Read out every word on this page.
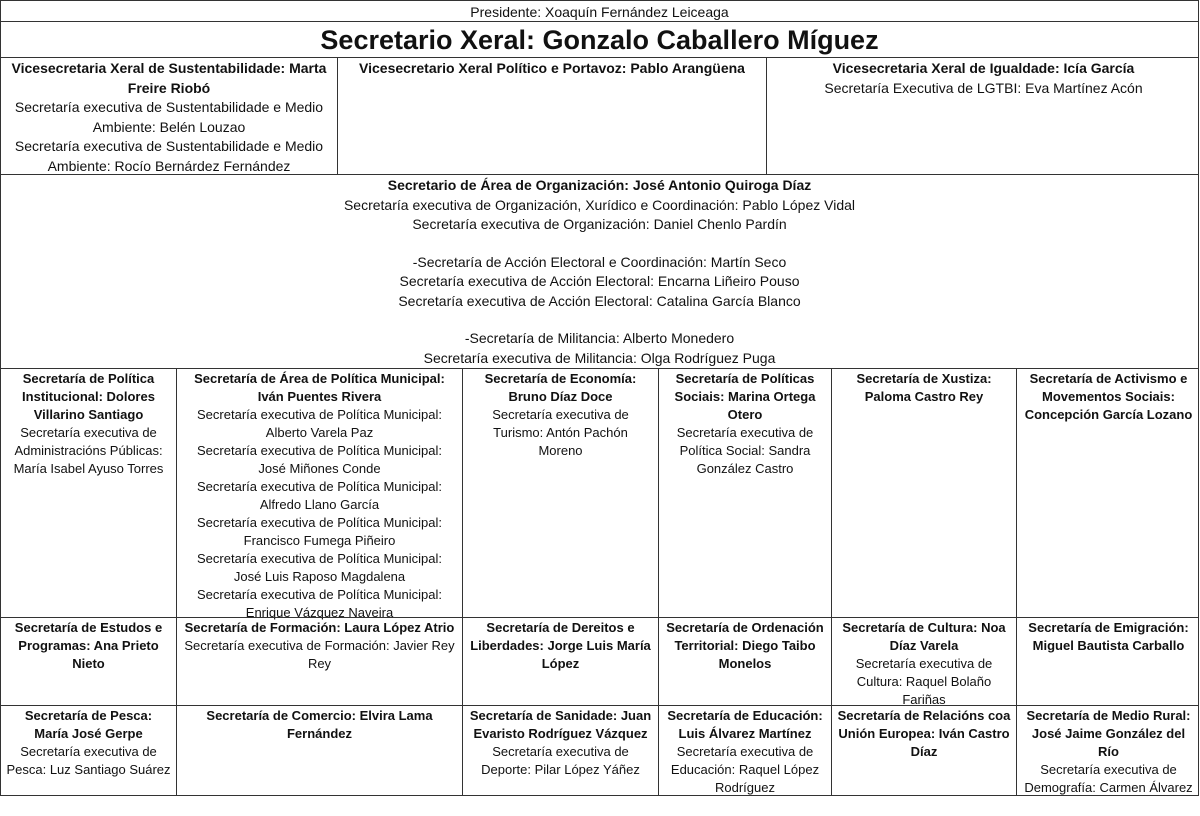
Presidente: Xoaquín Fernández Leiceaga
Secretario Xeral: Gonzalo Caballero Míguez
Vicesecretaria Xeral de Sustentabilidade: Marta Freire Riobó
Secretaría executiva de Sustentabilidade e Medio Ambiente: Belén Louzao
Secretaría executiva de Sustentabilidade e Medio Ambiente: Rocío Bernárdez Fernández
Vicesecretario Xeral Político e Portavoz: Pablo Arangüena	Vicesecretaria Xeral de Igualdade: Icía García
Secretaría Executiva de LGTBI: Eva Martínez Acón
Secretario de Área de Organización: José Antonio Quiroga Díaz
Secretaría executiva de Organización, Xurídico e Coordinación: Pablo López Vidal
Secretaría executiva de Organización: Daniel Chenlo Pardín
-Secretaría de Acción Electoral e Coordinación: Martín Seco
Secretaría executiva de Acción Electoral: Encarna Liñeiro Pouso
Secretaría executiva de Acción Electoral: Catalina García Blanco
-Secretaría de Militancia: Alberto Monedero
Secretaría executiva de Militancia: Olga Rodríguez Puga
Secretaría de Política
Institucional: Dolores
Villarino Santiago
Secretaría executiva de
Administracións Públicas:
María Isabel Ayuso Torres
Secretaría de Área de Política Municipal:
Iván Puentes Rivera
Secretaría executiva de Política Municipal:
Alberto Varela Paz
Secretaría executiva de Política Municipal:
José Miñones Conde
Secretaría executiva de Política Municipal:
Alfredo Llano García
Secretaría executiva de Política Municipal:
Francisco Fumega Piñeiro
Secretaría executiva de Política Municipal:
José Luis Raposo Magdalena
Secretaría executiva de Política Municipal:
Enrique Vázquez Naveira
Secretaría de Economía:
Bruno Díaz Doce
Secretaría executiva de
Turismo: Antón Pachón
Moreno
Secretaría de Políticas
Sociais: Marina Ortega
Otero
Secretaría executiva de
Política Social: Sandra
González Castro
Secretaría de Xustiza:
Paloma Castro Rey
Secretaría de Activismo e
Movementos Sociais:
Concepción García Lozano
Secretaría de Estudos e
Programas: Ana Prieto
Nieto
Secretaría de Formación: Laura López Atrio
Secretaría executiva de Formación: Javier Rey
Rey
Secretaría de Dereitos e
Liberdades: Jorge Luis María
López
Secretaría de Ordenación
Territorial: Diego Taibo
Monelos
Secretaría de Cultura: Noa
Díaz Varela
Secretaría executiva de
Cultura: Raquel Bolaño
Fariñas
Secretaría de Emigración:
Miguel Bautista Carballo
Secretaría de Pesca:
María José Gerpe
Secretaría executiva de
Pesca: Luz Santiago Suárez
Secretaría de Comercio: Elvira Lama
Fernández
Secretaría de Sanidade: Juan
Evaristo Rodríguez Vázquez
Secretaría executiva de
Deporte: Pilar López Yáñez
Secretaría de Educación:
Luis Álvarez Martínez
Secretaría executiva de
Educación: Raquel López
Rodríguez
Secretaría de Relacións coa
Unión Europea: Iván Castro
Díaz
Secretaría de Medio Rural:
José Jaime González del Río
Secretaría executiva de
Demografía: Carmen Álvarez
